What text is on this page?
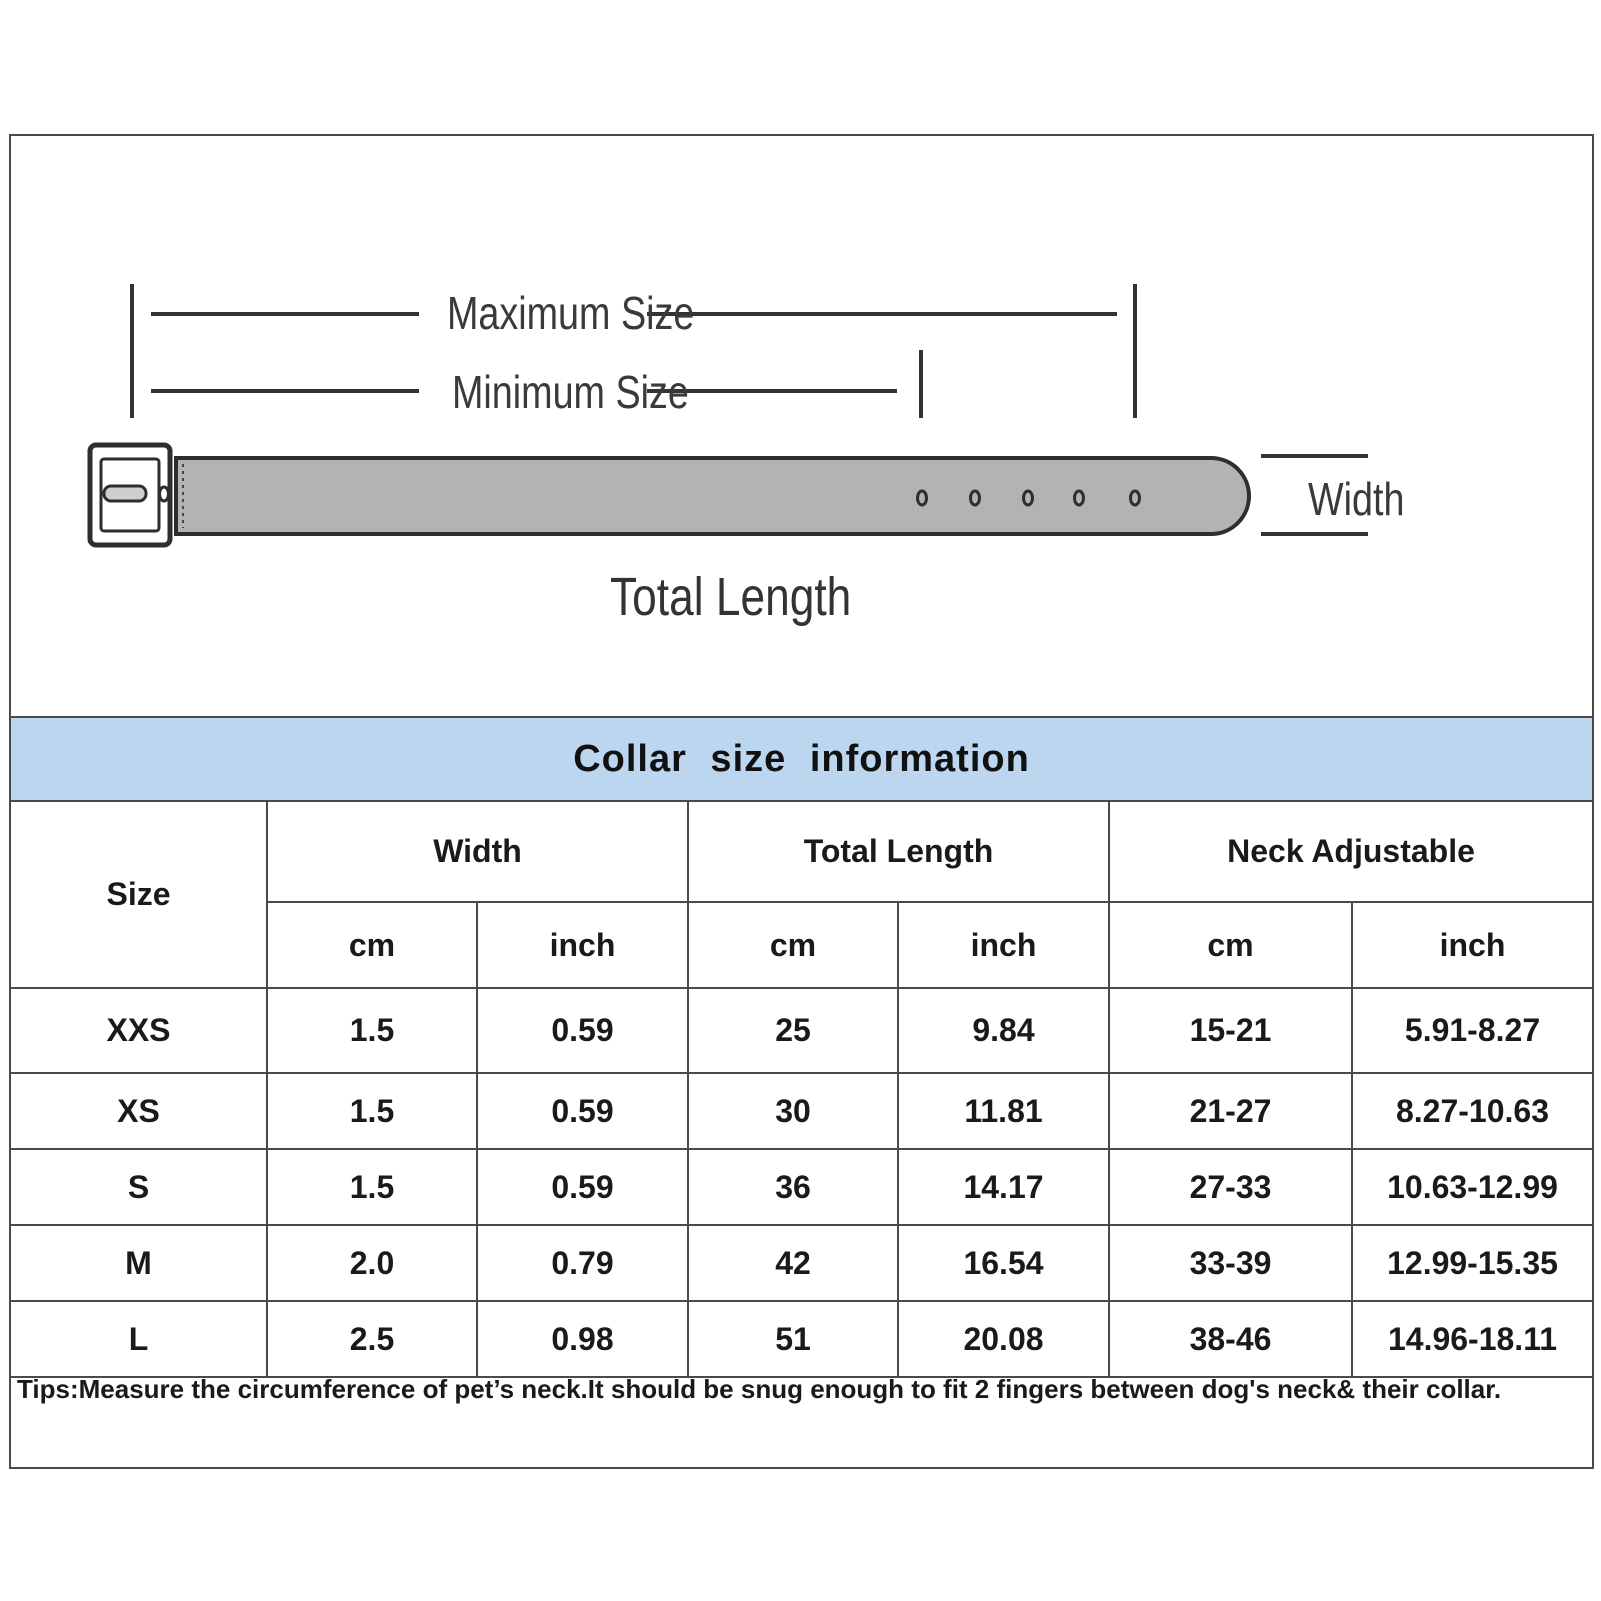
Maximum Size
Minimum Size
Width
Total Length
Collar size information
Size	Width		Total Length		Neck Adjustable	
	cm	inch	cm	inch	cm	inch
XXS	1.5	0.59	25	9.84	15-21	5.91-8.27
XS	1.5	0.59	30	11.81	21-27	8.27-10.63
S	1.5	0.59	36	14.17	27-33	10.63-12.99
M	2.0	0.79	42	16.54	33-39	12.99-15.35
L	2.5	0.98	51	20.08	38-46	14.96-18.11
Tips:Measure the circumference of pet’s neck.It should be snug enough to fit 2 fingers between dog's neck& their collar.
